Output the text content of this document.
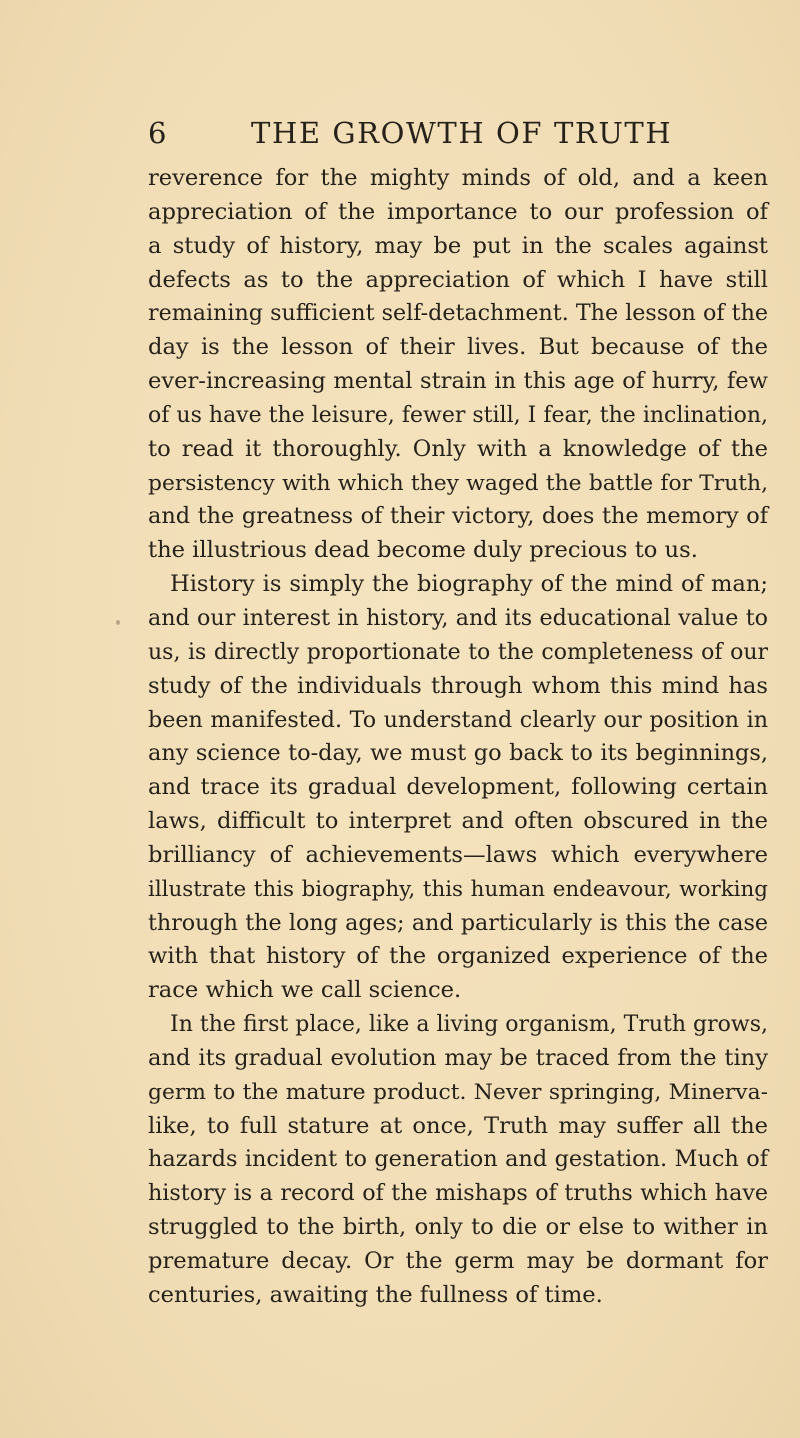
6	THE GROWTH OF TRUTH
reverence for the mighty minds of old, and a keen
appreciation of the importance to our profession of
a study of history, may be put in the scales against
defects as to the appreciation of which I have still
remaining sufficient self-detachment. The lesson of the
day is the lesson of their lives. But because of the
ever-increasing mental strain in this age of hurry, few
of us have the leisure, fewer still, I fear, the inclination,
to read it thoroughly. Only with a knowledge of the
persistency with which they waged the battle for Truth,
and the greatness of their victory, does the memory of
the illustrious dead become duly precious to us.
History is simply the biography of the mind of man;
and our interest in history, and its educational value to
us, is directly proportionate to the completeness of our
study of the individuals through whom this mind has
been manifested. To understand clearly our position in
any science to-day, we must go back to its beginnings,
and trace its gradual development, following certain
laws, difficult to interpret and often obscured in the
brilliancy of achievements—laws which everywhere
illustrate this biography, this human endeavour, working
through the long ages; and particularly is this the case
with that history of the organized experience of the
race which we call science.
In the first place, like a living organism, Truth grows,
and its gradual evolution may be traced from the tiny
germ to the mature product. Never springing, Minerva-
like, to full stature at once, Truth may suffer all the
hazards incident to generation and gestation. Much of
history is a record of the mishaps of truths which have
struggled to the birth, only to die or else to wither in
premature decay. Or the germ may be dormant for
centuries, awaiting the fullness of time.
